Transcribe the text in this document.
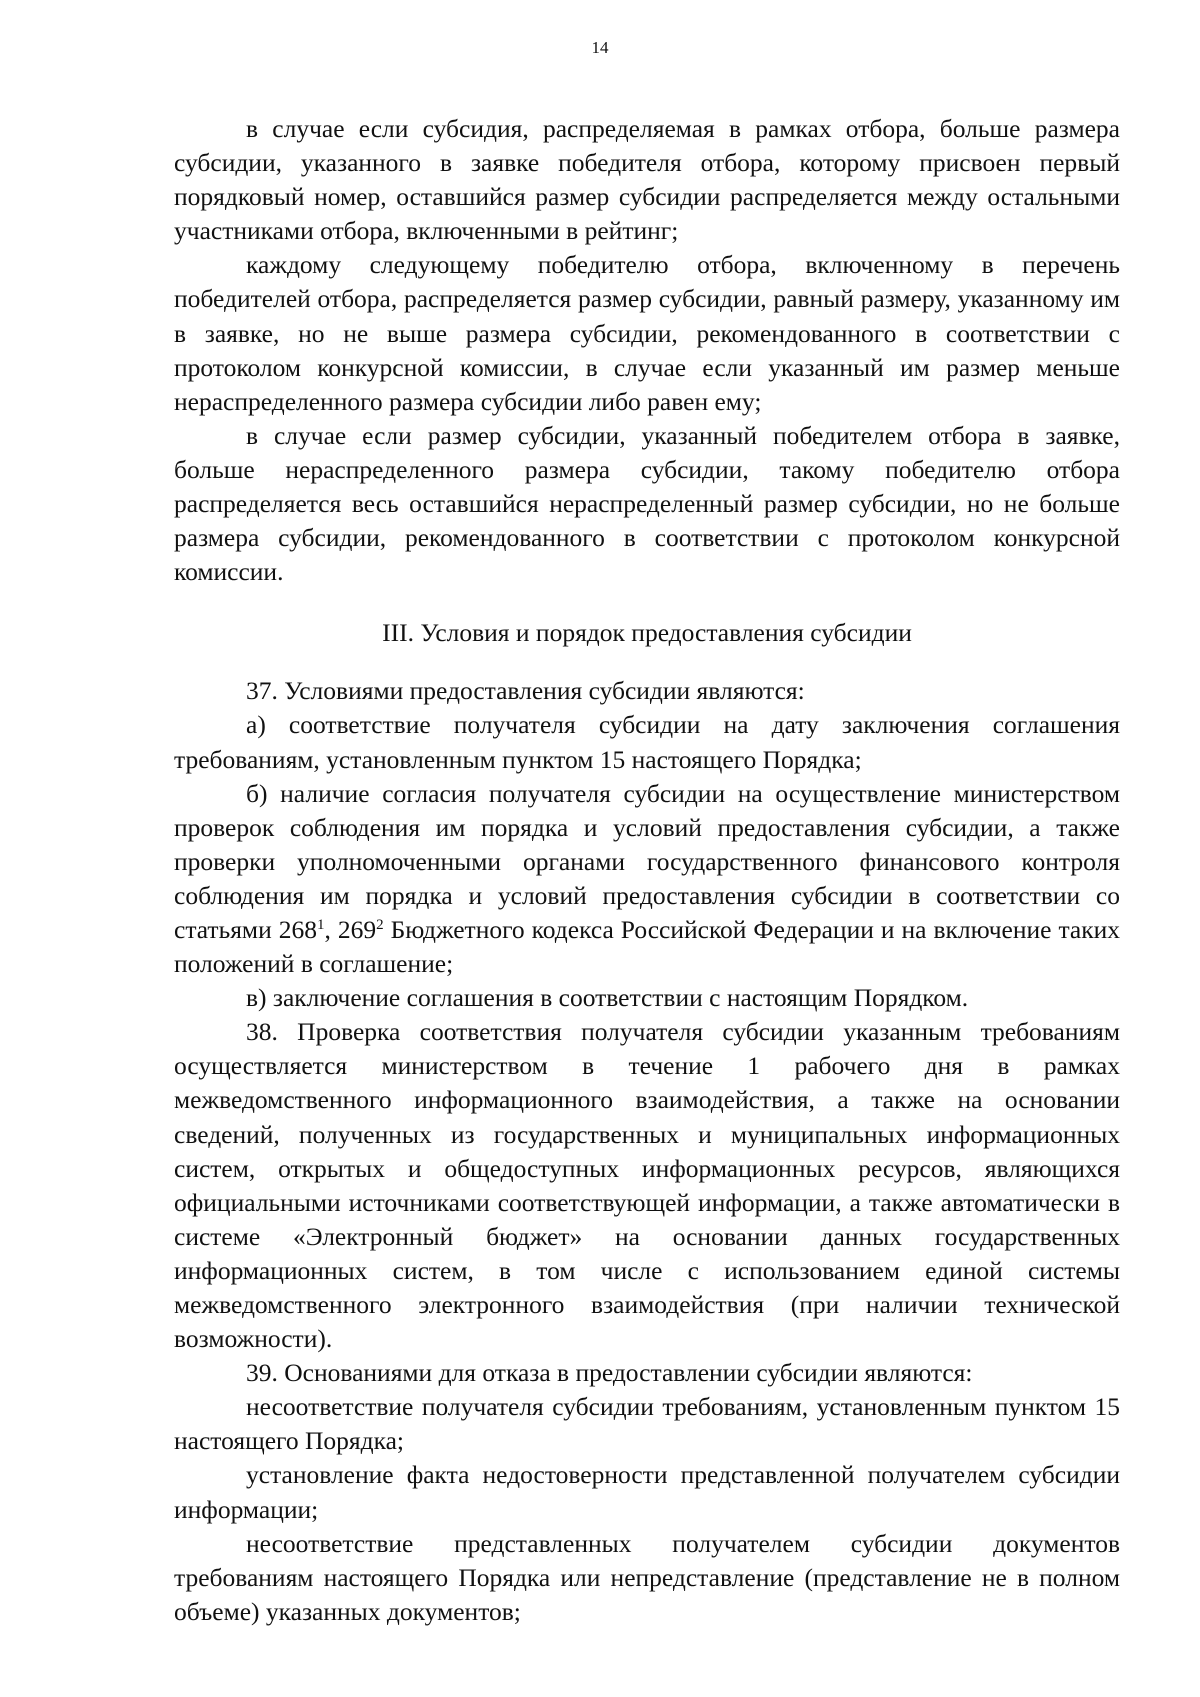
14

в случае если субсидия, распределяемая в рамках отбора, больше размера субсидии, указанного в заявке победителя отбора, которому присвоен первый порядковый номер, оставшийся размер субсидии распределяется между остальными участниками отбора, включенными в рейтинг;

каждому следующему победителю отбора, включенному в перечень победителей отбора, распределяется размер субсидии, равный размеру, указанному им в заявке, но не выше размера субсидии, рекомендованного в соответствии с протоколом конкурсной комиссии, в случае если указанный им размер меньше нераспределенного размера субсидии либо равен ему;

в случае если размер субсидии, указанный победителем отбора в заявке, больше нераспределенного размера субсидии, такому победителю отбора распределяется весь оставшийся нераспределенный размер субсидии, но не больше размера субсидии, рекомендованного в соответствии с протоколом конкурсной комиссии.

III. Условия и порядок предоставления субсидии

37. Условиями предоставления субсидии являются:

а) соответствие получателя субсидии на дату заключения соглашения требованиям, установленным пунктом 15 настоящего Порядка;

б) наличие согласия получателя субсидии на осуществление министерством проверок соблюдения им порядка и условий предоставления субсидии, а также проверки уполномоченными органами государственного финансового контроля соблюдения им порядка и условий предоставления субсидии в соответствии со статьями $268^1$, $269^2$ Бюджетного кодекса Российской Федерации и на включение таких положений в соглашение;

в) заключение соглашения в соответствии с настоящим Порядком.

38. Проверка соответствия получателя субсидии указанным требованиям осуществляется министерством в течение 1 рабочего дня в рамках межведомственного информационного взаимодействия, а также на основании сведений, полученных из государственных и муниципальных информационных систем, открытых и общедоступных информационных ресурсов, являющихся официальными источниками соответствующей информации, а также автоматически в системе «Электронный бюджет» на основании данных государственных информационных систем, в том числе с использованием единой системы межведомственного электронного взаимодействия (при наличии технической возможности).

39. Основаниями для отказа в предоставлении субсидии являются:

несоответствие получателя субсидии требованиям, установленным пунктом 15 настоящего Порядка;

установление факта недостоверности представленной получателем субсидии информации;

несоответствие представленных получателем субсидии документов требованиям настоящего Порядка или непредставление (представление не в полном объеме) указанных документов;
